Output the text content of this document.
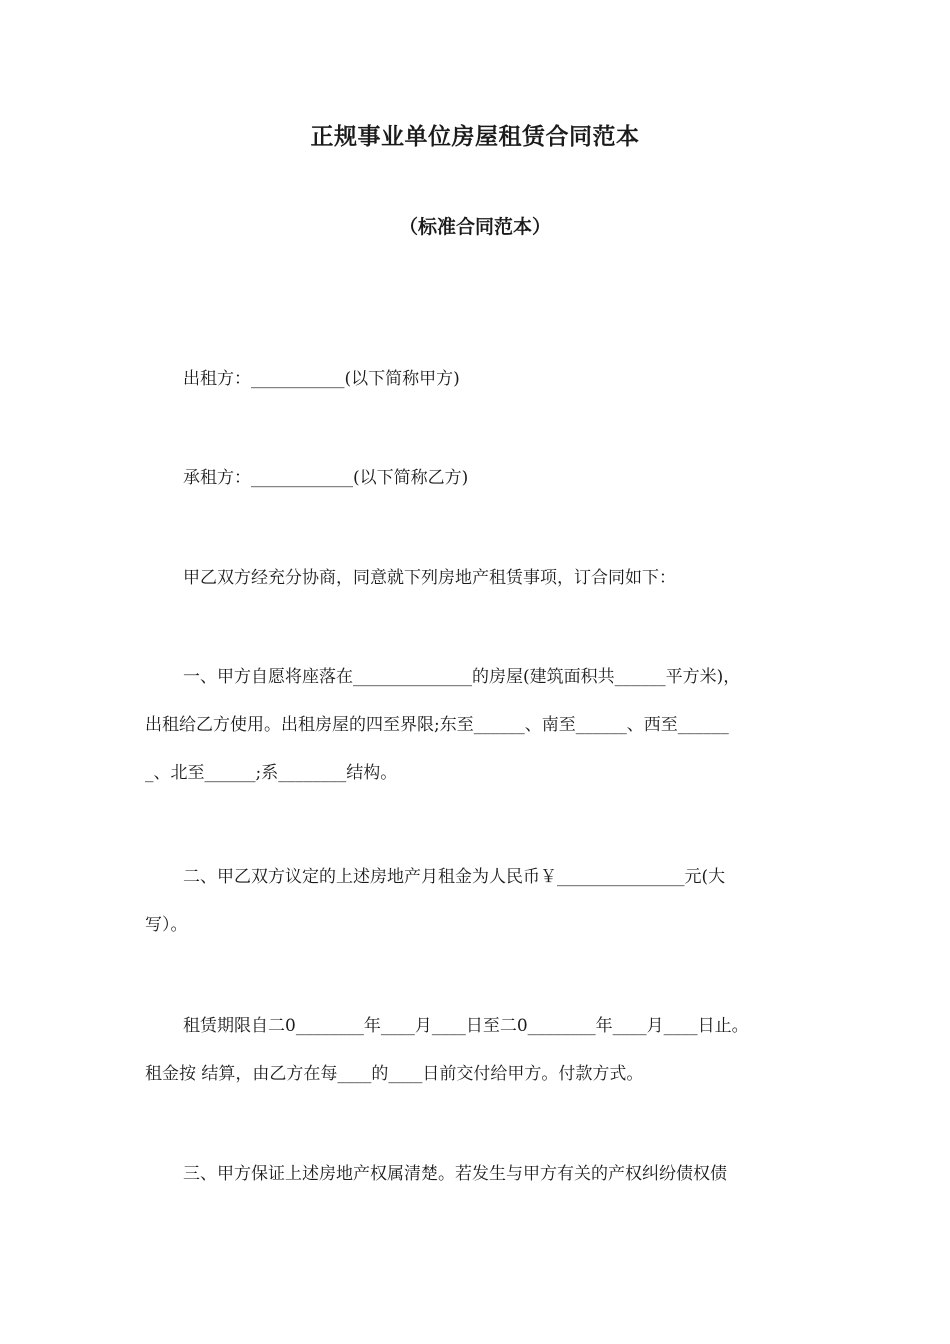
正规事业单位房屋租赁合同范本
（标准合同范本）

出租方：___________(以下简称甲方)

承租方：____________(以下简称乙方)

甲乙双方经充分协商，同意就下列房地产租赁事项，订合同如下：

一、甲方自愿将座落在______________的房屋(建筑面积共______平方米)，
出租给乙方使用。出租房屋的四至界限;东至______、南至______、西至______
_、北至______;系________结构。
二、甲乙双方议定的上述房地产月租金为人民币￥_______________元(大
写）。
租赁期限自二0________年____月____日至二0________年____月____日止。
租金按 结算，由乙方在每____的____日前交付给甲方。付款方式。
三、甲方保证上述房地产权属清楚。若发生与甲方有关的产权纠纷债权债
